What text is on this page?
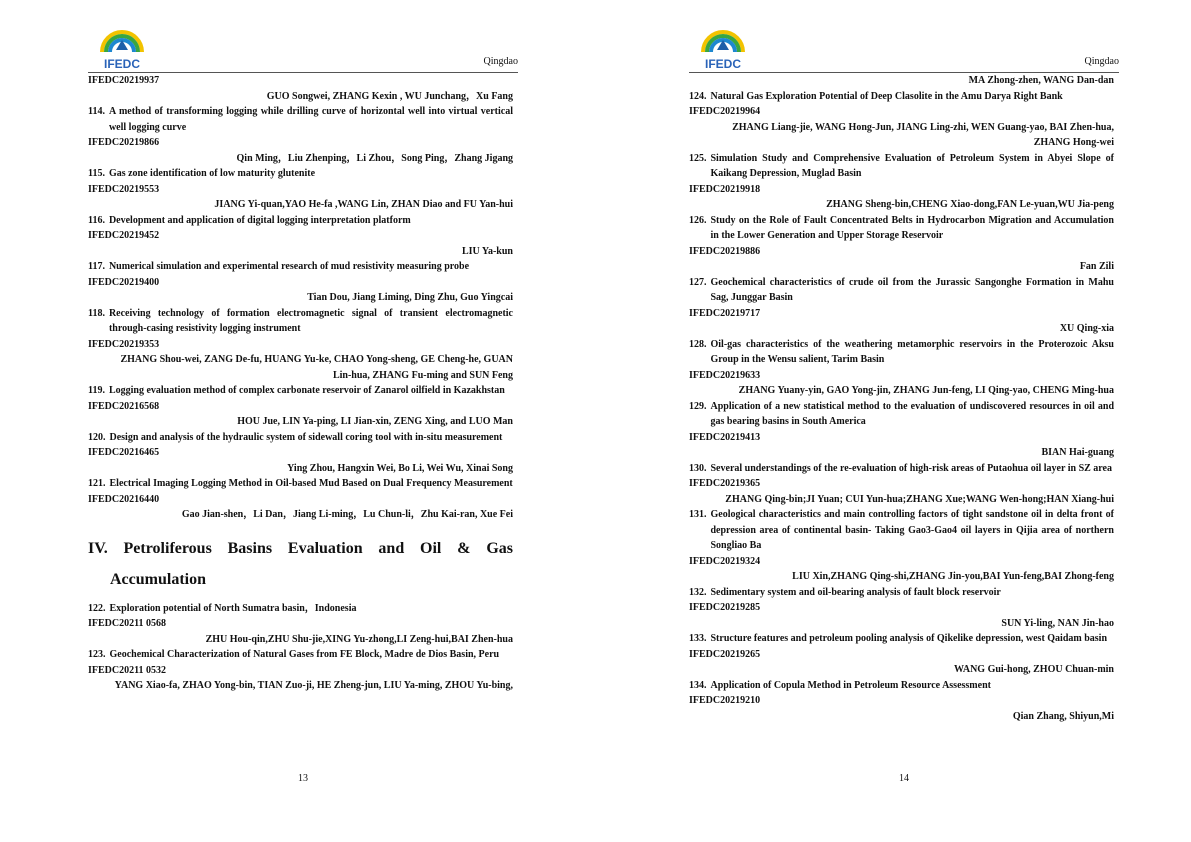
IFEDC	Qingdao
IFEDC20219937
GUO Songwei, ZHANG Kexin , WU Junchang，Xu Fang
114. A method of transforming logging while drilling curve of horizontal well into virtual vertical well logging curve
IFEDC20219866
Qin Ming，Liu Zhenping，Li Zhou，Song Ping，Zhang Jigang
115. Gas zone identification of low maturity glutenite
IFEDC20219553
JIANG Yi-quan,YAO He-fa ,WANG Lin, ZHAN Diao and FU Yan-hui
116. Development and application of digital logging interpretation platform
IFEDC20219452
LIU Ya-kun
117. Numerical simulation and experimental research of mud resistivity measuring probe
IFEDC20219400
Tian Dou, Jiang Liming, Ding Zhu, Guo Yingcai
118. Receiving technology of formation electromagnetic signal of transient electromagnetic through-casing resistivity logging instrument
IFEDC20219353
ZHANG Shou-wei, ZANG De-fu, HUANG Yu-ke, CHAO Yong-sheng, GE Cheng-he, GUAN
Lin-hua, ZHANG Fu-ming and SUN Feng
119. Logging evaluation method of complex carbonate reservoir of Zanarol oilfield in Kazakhstan
IFEDC20216568
HOU Jue, LIN Ya-ping, LI Jian-xin, ZENG Xing, and LUO Man
120. Design and analysis of the hydraulic system of sidewall coring tool with in-situ measurement
IFEDC20216465
Ying Zhou, Hangxin Wei, Bo Li, Wei Wu, Xinai Song
121. Electrical Imaging Logging Method in Oil-based Mud Based on Dual Frequency Measurement
IFEDC20216440
Gao Jian-shen，Li Dan，Jiang Li-ming，Lu Chun-li，Zhu Kai-ran, Xue Fei
IV. Petroliferous Basins Evaluation and Oil & Gas
Accumulation
122. Exploration potential of North Sumatra basin，Indonesia
IFEDC20211 0568
ZHU Hou-qin,ZHU Shu-jie,XING Yu-zhong,LI Zeng-hui,BAI Zhen-hua
123. Geochemical Characterization of Natural Gases from FE Block, Madre de Dios Basin, Peru
IFEDC20211 0532
YANG Xiao-fa, ZHAO Yong-bin, TIAN Zuo-ji, HE Zheng-jun, LIU Ya-ming, ZHOU Yu-bing,
13
IFEDC	Qingdao
MA Zhong-zhen, WANG Dan-dan
124. Natural Gas Exploration Potential of Deep Clasolite in the Amu Darya Right Bank
IFEDC20219964
ZHANG Liang-jie, WANG Hong-Jun, JIANG Ling-zhi, WEN Guang-yao, BAI Zhen-hua,
ZHANG Hong-wei
125. Simulation Study and Comprehensive Evaluation of Petroleum System in Abyei Slope of Kaikang Depression, Muglad Basin
IFEDC20219918
ZHANG Sheng-bin,CHENG Xiao-dong,FAN Le-yuan,WU Jia-peng
126. Study on the Role of Fault Concentrated Belts in Hydrocarbon Migration and Accumulation in the Lower Generation and Upper Storage Reservoir
IFEDC20219886
Fan Zili
127. Geochemical characteristics of crude oil from the Jurassic Sangonghe Formation in Mahu Sag, Junggar Basin
IFEDC20219717
XU Qing-xia
128. Oil-gas characteristics of the weathering metamorphic reservoirs in the Proterozoic Aksu Group in the Wensu salient, Tarim Basin
IFEDC20219633
ZHANG Yuany-yin, GAO Yong-jin, ZHANG Jun-feng, LI Qing-yao, CHENG Ming-hua
129. Application of a new statistical method to the evaluation of undiscovered resources in oil and gas bearing basins in South America
IFEDC20219413
BIAN Hai-guang
130. Several understandings of the re-evaluation of high-risk areas of Putaohua oil layer in SZ area
IFEDC20219365
ZHANG Qing-bin;JI Yuan; CUI Yun-hua;ZHANG Xue;WANG Wen-hong;HAN Xiang-hui
131. Geological characteristics and main controlling factors of tight sandstone oil in delta front of depression area of continental basin- Taking Gao3-Gao4 oil layers in Qijia area of northern Songliao Ba
IFEDC20219324
LIU Xin,ZHANG Qing-shi,ZHANG Jin-you,BAI Yun-feng,BAI Zhong-feng
132. Sedimentary system and oil-bearing analysis of fault block reservoir
IFEDC20219285
SUN Yi-ling, NAN Jin-hao
133. Structure features and petroleum pooling analysis of Qikelike depression, west Qaidam basin
IFEDC20219265
WANG Gui-hong, ZHOU Chuan-min
134. Application of Copula Method in Petroleum Resource Assessment
IFEDC20219210
Qian Zhang, Shiyun,Mi
14
